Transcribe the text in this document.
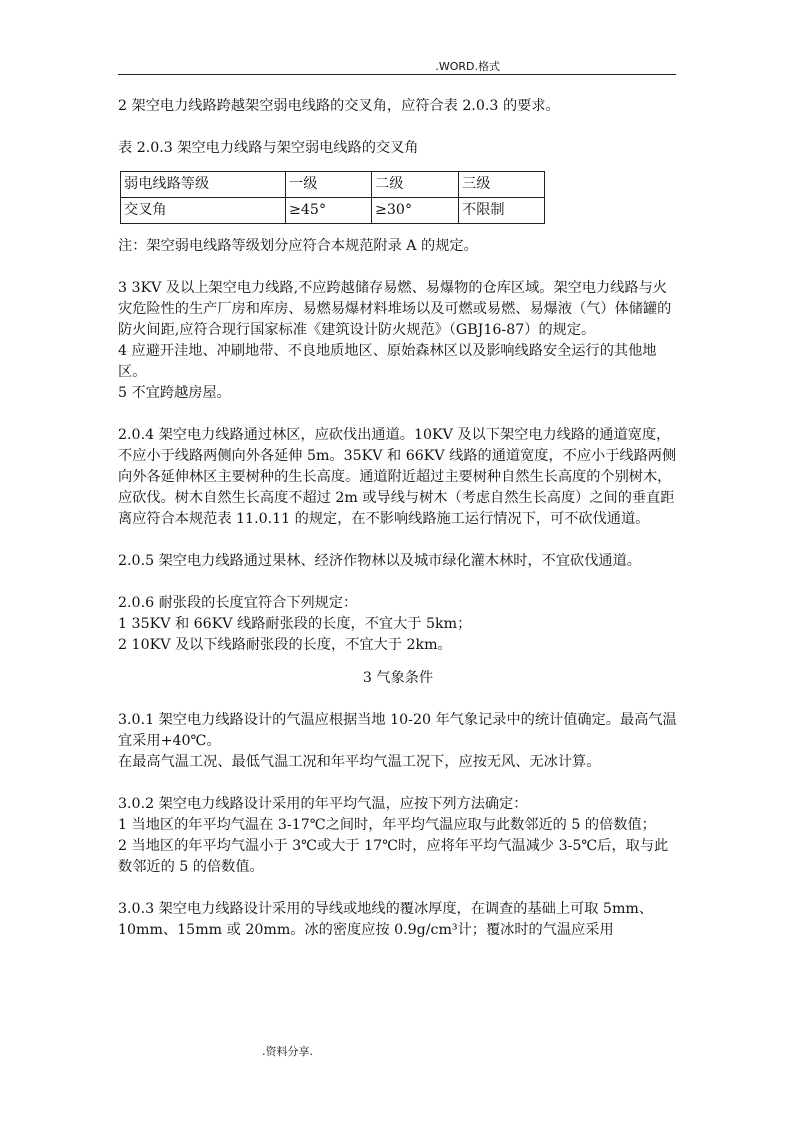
.WORD.格式

2 架空电力线路跨越架空弱电线路的交叉角，应符合表 2.0.3 的要求。

表 2.0.3 架空电力线路与架空弱电线路的交叉角

弱电线路等级	一级	二级	三级
交叉角	≥45°	≥30°	不限制

注：架空弱电线路等级划分应符合本规范附录 A 的规定。

3 3KV 及以上架空电力线路,不应跨越储存易燃、易爆物的仓库区域。架空电力线路与火灾危险性的生产厂房和库房、易燃易爆材料堆场以及可燃或易燃、易爆液（气）体储罐的防火间距,应符合现行国家标准《建筑设计防火规范》（GBJ16-87）的规定。

4 应避开洼地、冲刷地带、不良地质地区、原始森林区以及影响线路安全运行的其他地区。

5 不宜跨越房屋。

2.0.4 架空电力线路通过林区，应砍伐出通道。10KV 及以下架空电力线路的通道宽度，不应小于线路两侧向外各延伸 5m。35KV 和 66KV 线路的通道宽度，不应小于线路两侧向外各延伸林区主要树种的生长高度。通道附近超过主要树种自然生长高度的个别树木，应砍伐。树木自然生长高度不超过 2m 或导线与树木（考虑自然生长高度）之间的垂直距离应符合本规范表 11.0.11 的规定，在不影响线路施工运行情况下，可不砍伐通道。

2.0.5 架空电力线路通过果林、经济作物林以及城市绿化灌木林时，不宜砍伐通道。

2.0.6 耐张段的长度宜符合下列规定：

1 35KV 和 66KV 线路耐张段的长度，不宜大于 5km；

2 10KV 及以下线路耐张段的长度，不宜大于 2km。

3 气象条件

3.0.1 架空电力线路设计的气温应根据当地 10-20 年气象记录中的统计值确定。最高气温宜采用+40℃。

在最高气温工况、最低气温工况和年平均气温工况下，应按无风、无冰计算。

3.0.2 架空电力线路设计采用的年平均气温，应按下列方法确定：

1 当地区的年平均气温在 3-17℃之间时，年平均气温应取与此数邻近的 5 的倍数值；

2 当地区的年平均气温小于 3℃或大于 17℃时，应将年平均气温减少 3-5℃后，取与此数邻近的 5 的倍数值。

3.0.3 架空电力线路设计采用的导线或地线的覆冰厚度，在调查的基础上可取 5mm、10mm、15mm 或 20mm。冰的密度应按 0.9g/cm³计；覆冰时的气温应采用

.资料分享.
